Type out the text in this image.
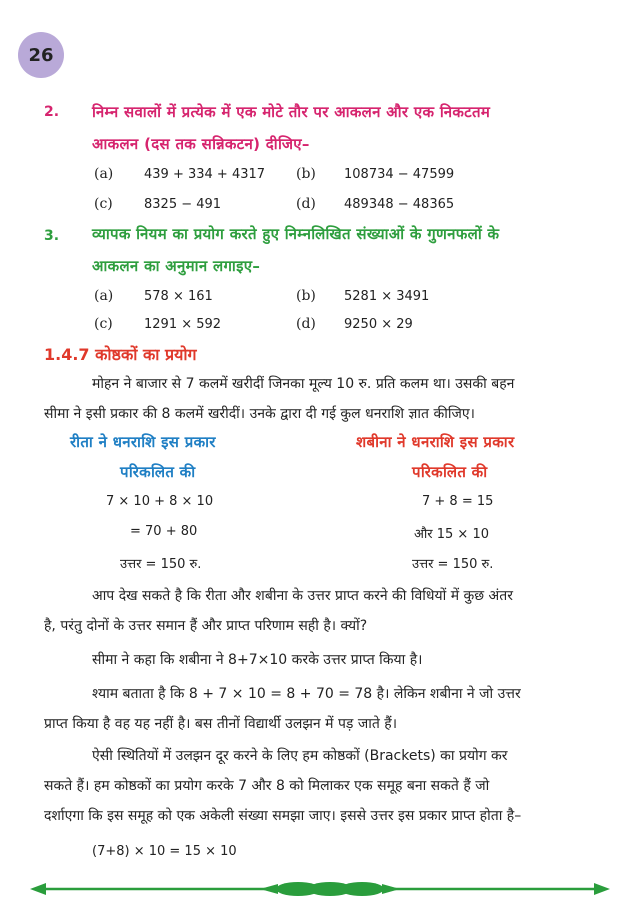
26
2. निम्न सवालों में प्रत्येक में एक मोटे तौर पर आकलन और एक निकटतम
आकलन (दस तक सन्निकटन) दीजिए–
(a) 439 + 334 + 4317 (b) 108734 − 47599
(c) 8325 − 491	(d) 489348 − 48365
3. व्यापक नियम का प्रयोग करते हुए निम्नलिखित संख्याओं के गुणनफलों के
आकलन का अनुमान लगाइए–
(a) 578 × 161	(b) 5281 × 3491
(c) 1291 × 592	(d) 9250 × 29
1.4.7 कोष्ठकों का प्रयोग
मोहन ने बाजार से 7 कलमें खरीदीं जिनका मूल्य 10 रु. प्रति कलम था। उसकी बहन
सीमा ने इसी प्रकार की 8 कलमें खरीदीं। उनके द्वारा दी गई कुल धनराशि ज्ञात कीजिए।
रीता ने धनराशि इस प्रकार
परिकलित की
7 × 10 + 8 × 10
= 70 + 80
उत्तर = 150 रु.
शबीना ने धनराशि इस प्रकार
परिकलित की
7 + 8 = 15
और 15 × 10
उत्तर = 150 रु.
आप देख सकते है कि रीता और शबीना के उत्तर प्राप्त करने की विधियों में कुछ अंतर
है, परंतु दोनों के उत्तर समान हैं और प्राप्त परिणाम सही है। क्यों?
सीमा ने कहा कि शबीना ने 8+7×10 करके उत्तर प्राप्त किया है।
श्याम बताता है कि 8 + 7 × 10 = 8 + 70 = 78 है। लेकिन शबीना ने जो उत्तर
प्राप्त किया है वह यह नहीं है। बस तीनों विद्यार्थी उलझन में पड़ जाते हैं।
ऐसी स्थितियों में उलझन दूर करने के लिए हम कोष्ठकों (Brackets) का प्रयोग कर
सकते हैं। हम कोष्ठकों का प्रयोग करके 7 और 8 को मिलाकर एक समूह बना सकते हैं जो
दर्शाएगा कि इस समूह को एक अकेली संख्या समझा जाए। इससे उत्तर इस प्रकार प्राप्त होता है–
(7+8) × 10 = 15 × 10
